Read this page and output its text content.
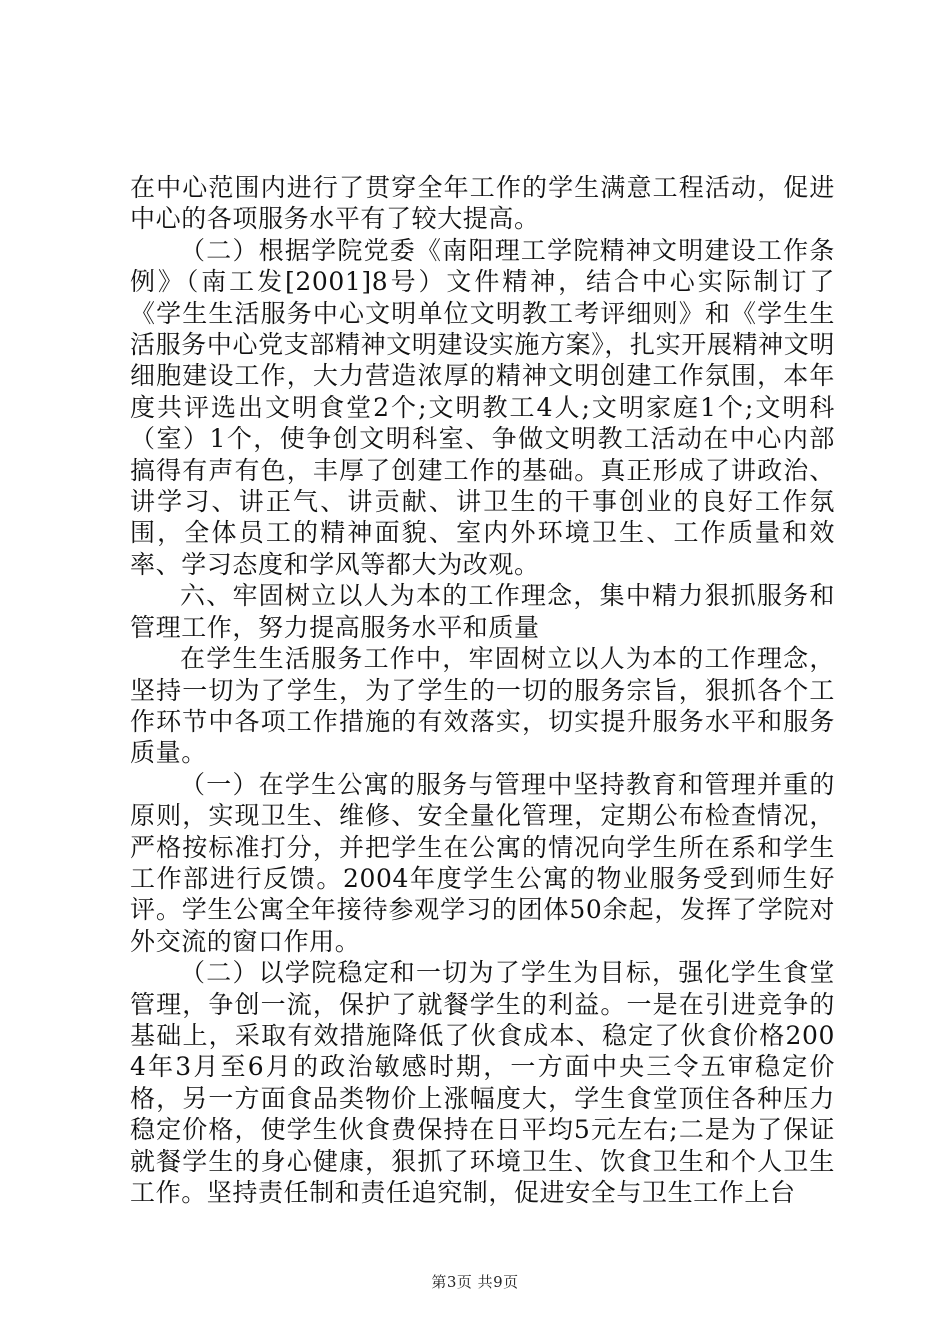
在中心范围内进行了贯穿全年工作的学生满意工程活动，促进中心的各项服务水平有了较大提高。

（二）根据学院党委《南阳理工学院精神文明建设工作条例》（南工发[2001]8号）文件精神，结合中心实际制订了《学生生活服务中心文明单位文明教工考评细则》和《学生生活服务中心党支部精神文明建设实施方案》，扎实开展精神文明细胞建设工作，大力营造浓厚的精神文明创建工作氛围，本年度共评选出文明食堂2个;文明教工4人;文明家庭1个;文明科（室）1个，使争创文明科室、争做文明教工活动在中心内部搞得有声有色，丰厚了创建工作的基础。真正形成了讲政治、讲学习、讲正气、讲贡献、讲卫生的干事创业的良好工作氛围，全体员工的精神面貌、室内外环境卫生、工作质量和效率、学习态度和学风等都大为改观。

六、牢固树立以人为本的工作理念，集中精力狠抓服务和管理工作，努力提高服务水平和质量

在学生生活服务工作中，牢固树立以人为本的工作理念，坚持一切为了学生，为了学生的一切的服务宗旨，狠抓各个工作环节中各项工作措施的有效落实，切实提升服务水平和服务质量。

（一）在学生公寓的服务与管理中坚持教育和管理并重的原则，实现卫生、维修、安全量化管理，定期公布检查情况，严格按标准打分，并把学生在公寓的情况向学生所在系和学生工作部进行反馈。2004年度学生公寓的物业服务受到师生好评。学生公寓全年接待参观学习的团体50余起，发挥了学院对外交流的窗口作用。

（二）以学院稳定和一切为了学生为目标，强化学生食堂管理，争创一流，保护了就餐学生的利益。一是在引进竞争的基础上，采取有效措施降低了伙食成本、稳定了伙食价格2004年3月至6月的政治敏感时期，一方面中央三令五审稳定价格，另一方面食品类物价上涨幅度大，学生食堂顶住各种压力稳定价格，使学生伙食费保持在日平均5元左右;二是为了保证就餐学生的身心健康，狠抓了环境卫生、饮食卫生和个人卫生工作。坚持责任制和责任追究制，促进安全与卫生工作上台

第3页 共9页
